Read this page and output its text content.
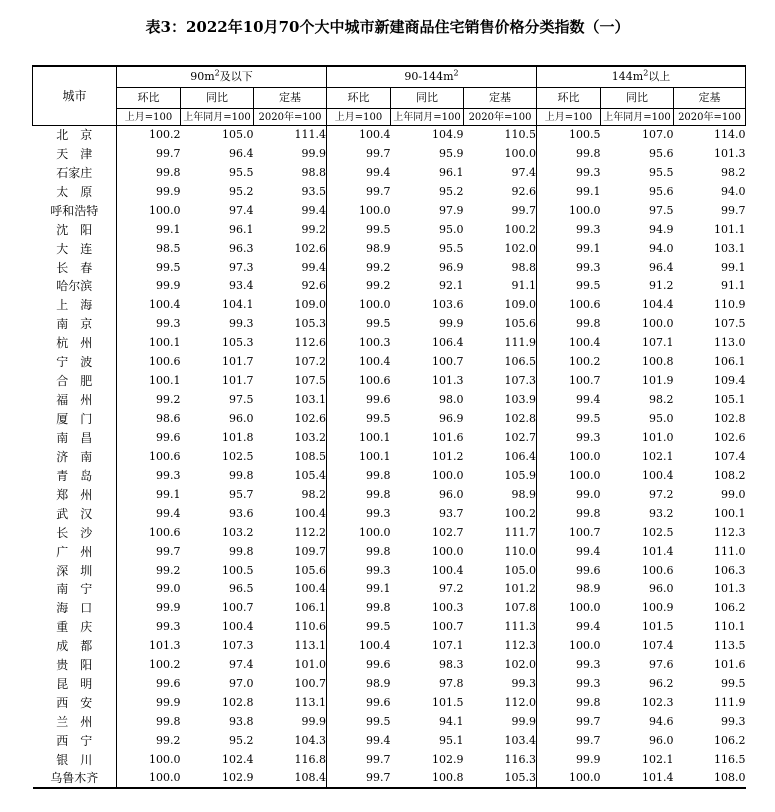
表3：2022年10月70个大中城市新建商品住宅销售价格分类指数（一）
城市	$90m^2$及以下			$90-144m^2$			$144m^2$以上		
	环比	同比	定基	环比	同比	定基	环比	同比	定基
	上月=100	上年同月=100	2020年=100	上月=100	上年同月=100	2020年=100	上月=100	上年同月=100	2020年=100
北　京	100.2	105.0	111.4	100.4	104.9	110.5	100.5	107.0	114.0
天　津	99.7	96.4	99.9	99.7	95.9	100.0	99.8	95.6	101.3
石家庄	99.8	95.5	98.8	99.4	96.1	97.4	99.3	95.5	98.2
太　原	99.9	95.2	93.5	99.7	95.2	92.6	99.1	95.6	94.0
呼和浩特	100.0	97.4	99.4	100.0	97.9	99.7	100.0	97.5	99.7
沈　阳	99.1	96.1	99.2	99.5	95.0	100.2	99.3	94.9	101.1
大　连	98.5	96.3	102.6	98.9	95.5	102.0	99.1	94.0	103.1
长　春	99.5	97.3	99.4	99.2	96.9	98.8	99.3	96.4	99.1
哈尔滨	99.9	93.4	92.6	99.2	92.1	91.1	99.5	91.2	91.1
上　海	100.4	104.1	109.0	100.0	103.6	109.0	100.6	104.4	110.9
南　京	99.3	99.3	105.3	99.5	99.9	105.6	99.8	100.0	107.5
杭　州	100.1	105.3	112.6	100.3	106.4	111.9	100.4	107.1	113.0
宁　波	100.6	101.7	107.2	100.4	100.7	106.5	100.2	100.8	106.1
合　肥	100.1	101.7	107.5	100.6	101.3	107.3	100.7	101.9	109.4
福　州	99.2	97.5	103.1	99.6	98.0	103.9	99.4	98.2	105.1
厦　门	98.6	96.0	102.6	99.5	96.9	102.8	99.5	95.0	102.8
南　昌	99.6	101.8	103.2	100.1	101.6	102.7	99.3	101.0	102.6
济　南	100.6	102.5	108.5	100.1	101.2	106.4	100.0	102.1	107.4
青　岛	99.3	99.8	105.4	99.8	100.0	105.9	100.0	100.4	108.2
郑　州	99.1	95.7	98.2	99.8	96.0	98.9	99.0	97.2	99.0
武　汉	99.4	93.6	100.4	99.3	93.7	100.2	99.8	93.2	100.1
长　沙	100.6	103.2	112.2	100.0	102.7	111.7	100.7	102.5	112.3
广　州	99.7	99.8	109.7	99.8	100.0	110.0	99.4	101.4	111.0
深　圳	99.2	100.5	105.6	99.3	100.4	105.0	99.6	100.6	106.3
南　宁	99.0	96.5	100.4	99.1	97.2	101.2	98.9	96.0	101.3
海　口	99.9	100.7	106.1	99.8	100.3	107.8	100.0	100.9	106.2
重　庆	99.3	100.4	110.6	99.5	100.7	111.3	99.4	101.5	110.1
成　都	101.3	107.3	113.1	100.4	107.1	112.3	100.0	107.4	113.5
贵　阳	100.2	97.4	101.0	99.6	98.3	102.0	99.3	97.6	101.6
昆　明	99.6	97.0	100.7	98.9	97.8	99.3	99.3	96.2	99.5
西　安	99.9	102.8	113.1	99.6	101.5	112.0	99.8	102.3	111.9
兰　州	99.8	93.8	99.9	99.5	94.1	99.9	99.7	94.6	99.3
西　宁	99.2	95.2	104.3	99.4	95.1	103.4	99.7	96.0	106.2
银　川	100.0	102.4	116.8	99.7	102.9	116.3	99.9	102.1	116.5
乌鲁木齐	100.0	102.9	108.4	99.7	100.8	105.3	100.0	101.4	108.0
